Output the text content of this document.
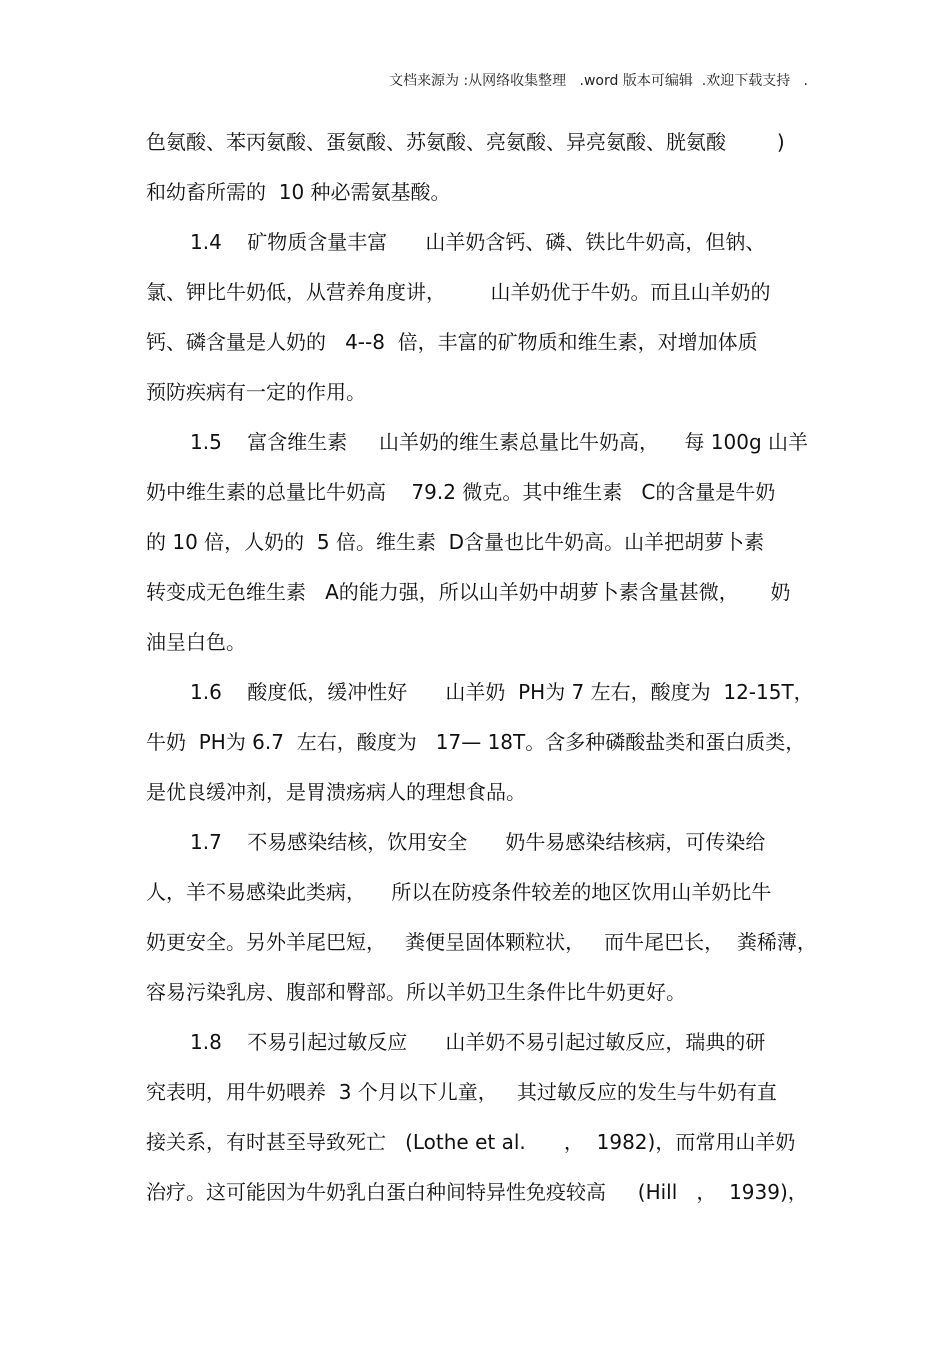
文档来源为 :从网络收集整理   .word 版本可编辑  .欢迎下载支持   .
色氨酸、苯丙氨酸、蛋氨酸、苏氨酸、亮氨酸、异亮氨酸、胱氨酸        )
和幼畜所需的  10 种必需氨基酸。
1.4    矿物质含量丰富      山羊奶含钙、磷、铁比牛奶高，但钠、
氯、钾比牛奶低，从营养角度讲，       山羊奶优于牛奶。而且山羊奶的
钙、磷含量是人奶的   4--8  倍，丰富的矿物质和维生素，对增加体质
预防疾病有一定的作用。
1.5    富含维生素     山羊奶的维生素总量比牛奶高，    每 100g 山羊
奶中维生素的总量比牛奶高    79.2 微克。其中维生素   C的含量是牛奶
的 10 倍，人奶的  5 倍。维生素  D含量也比牛奶高。山羊把胡萝卜素
转变成无色维生素   A的能力强，所以山羊奶中胡萝卜素含量甚微，     奶
油呈白色。
1.6    酸度低，缓冲性好      山羊奶  PH为 7 左右，酸度为  12-15T，
牛奶  PH为 6.7  左右，酸度为   17— 18T。含多种磷酸盐类和蛋白质类，
是优良缓冲剂，是胃溃疡病人的理想食品。
1.7    不易感染结核，饮用安全      奶牛易感染结核病，可传染给
人，羊不易感染此类病，    所以在防疫条件较差的地区饮用山羊奶比牛
奶更安全。另外羊尾巴短，   粪便呈固体颗粒状，   而牛尾巴长，  粪稀薄，
容易污染乳房、腹部和臀部。所以羊奶卫生条件比牛奶更好。
1.8    不易引起过敏反应      山羊奶不易引起过敏反应，瑞典的研
究表明，用牛奶喂养  3 个月以下儿童，   其过敏反应的发生与牛奶有直
接关系，有时甚至导致死亡   (Lothe et al.      ，  1982)，而常用山羊奶
治疗。这可能因为牛奶乳白蛋白种间特异性免疫较高     (Hill   ，  1939)，
